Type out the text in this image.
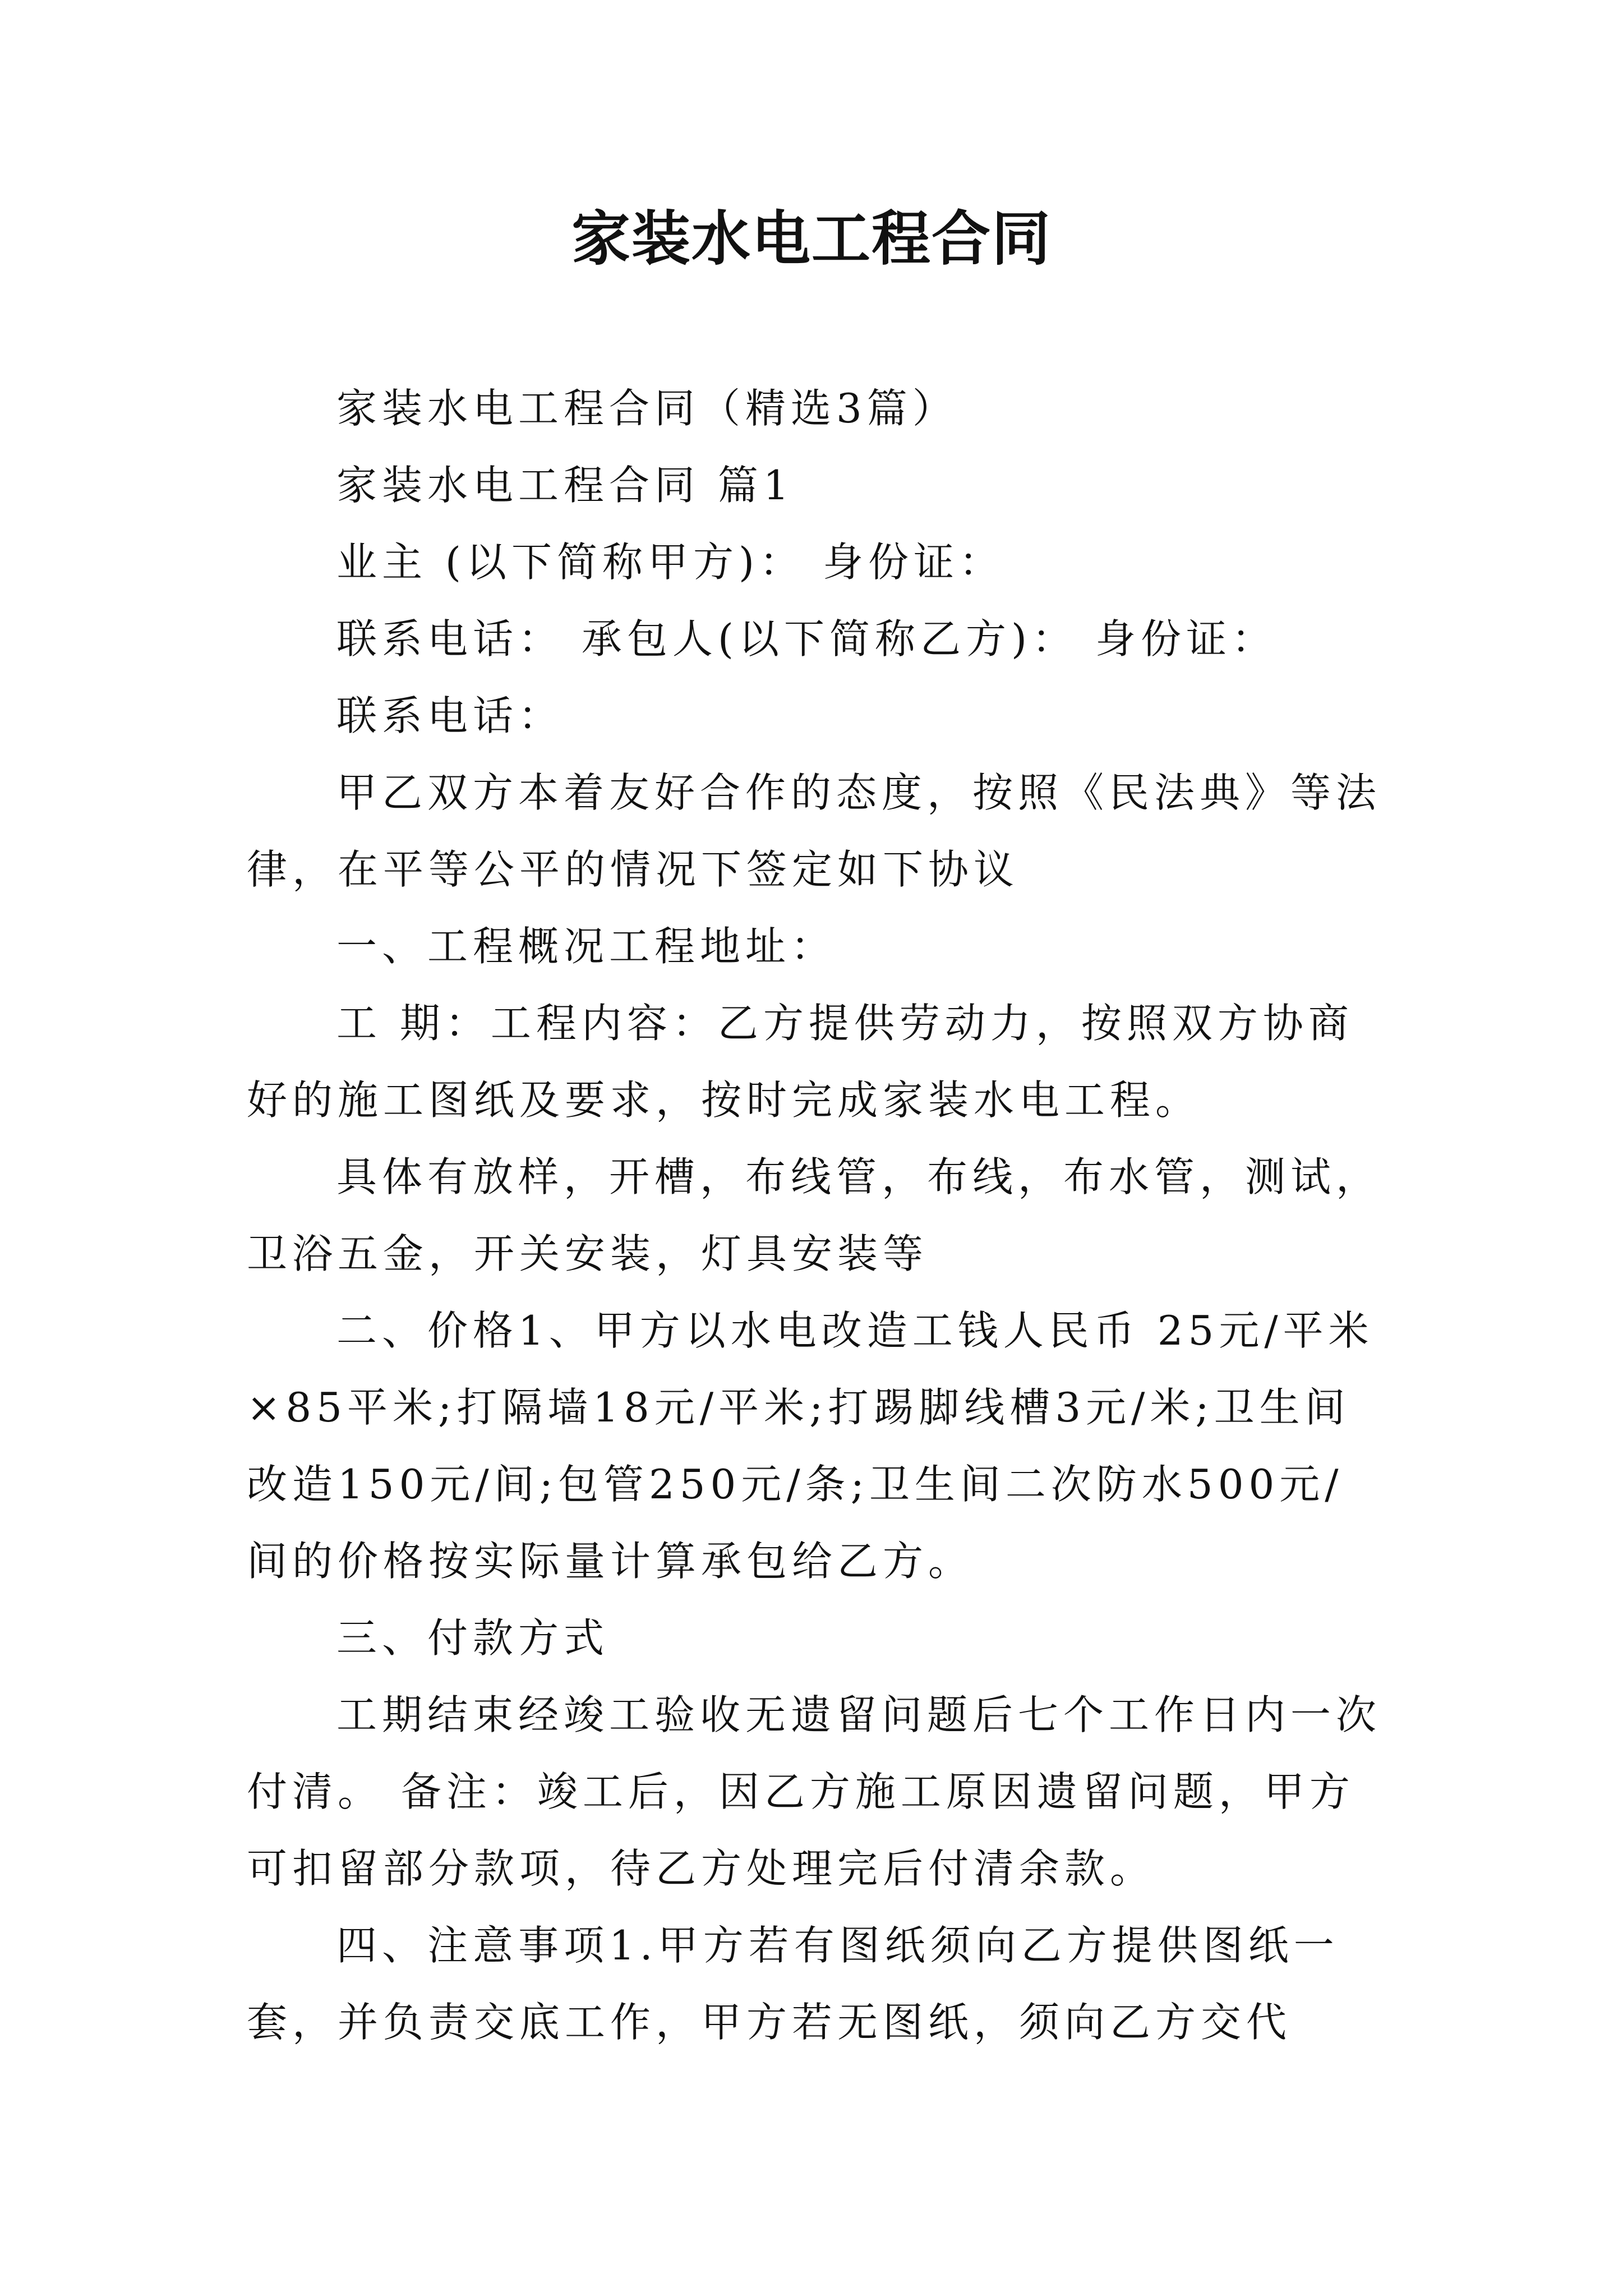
家装水电工程合同

家装水电工程合同（精选3篇）

家装水电工程合同 篇1

业主 (以下简称甲方)： 身份证：

联系电话： 承包人(以下简称乙方)： 身份证：

联系电话：

甲乙双方本着友好合作的态度，按照《民法典》等法律，在平等公平的情况下签定如下协议

一、工程概况工程地址：

工 期：工程内容：乙方提供劳动力，按照双方协商好的施工图纸及要求，按时完成家装水电工程。

具体有放样，开槽，布线管，布线，布水管，测试，卫浴五金，开关安装，灯具安装等

二、价格1、甲方以水电改造工钱人民币 25元/平米×85平米;打隔墙18元/平米;打踢脚线槽3元/米;卫生间改造150元/间;包管250元/条;卫生间二次防水500元/间的价格按实际量计算承包给乙方。

三、付款方式

工期结束经竣工验收无遗留问题后七个工作日内一次付清。 备注：竣工后，因乙方施工原因遗留问题，甲方可扣留部分款项，待乙方处理完后付清余款。

四、注意事项1.甲方若有图纸须向乙方提供图纸一套，并负责交底工作，甲方若无图纸，须向乙方交代
